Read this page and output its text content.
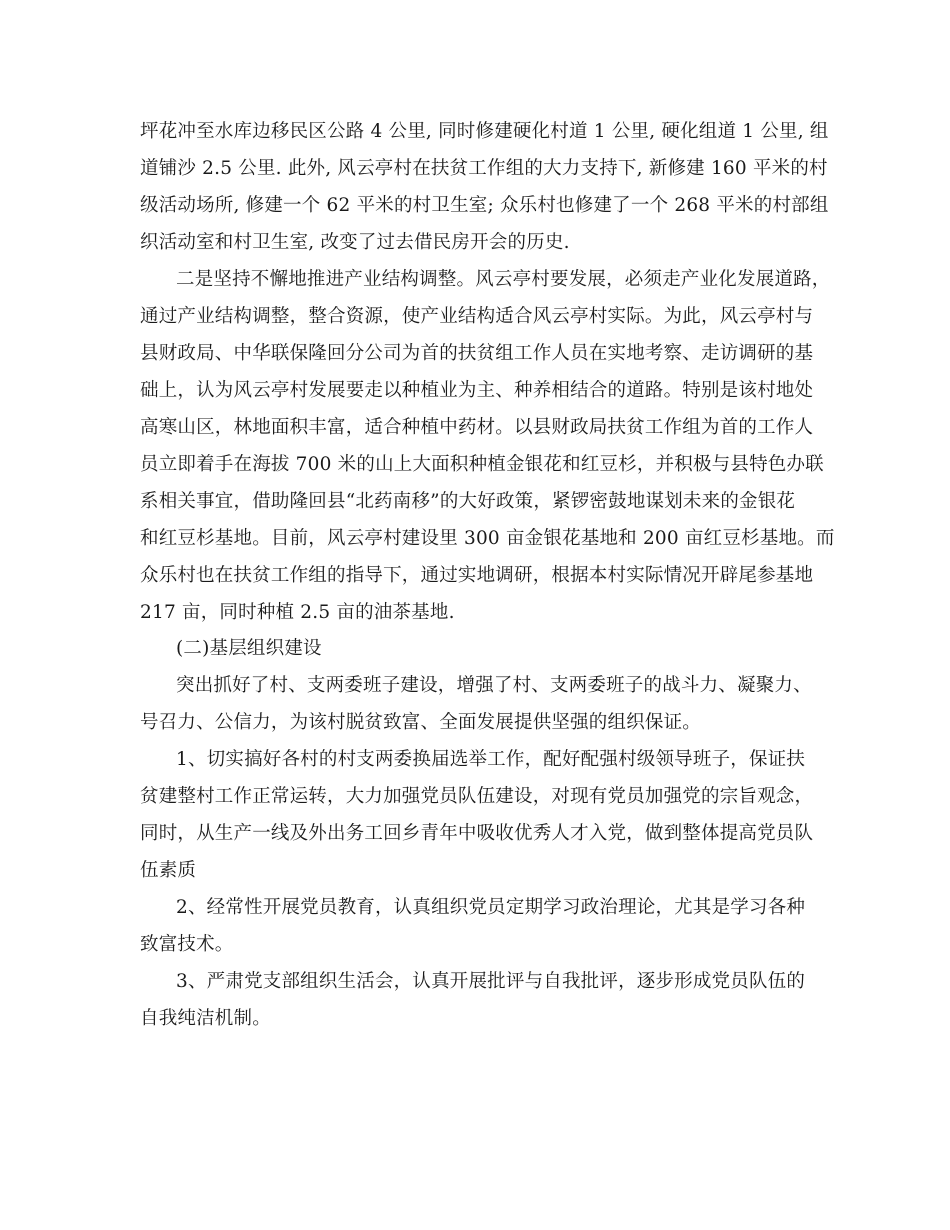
坪花冲至水库边移民区公路 4 公里, 同时修建硬化村道 1 公里, 硬化组道 1 公里, 组
道铺沙 2.5 公里. 此外, 风云亭村在扶贫工作组的大力支持下, 新修建 160 平米的村
级活动场所, 修建一个 62 平米的村卫生室; 众乐村也修建了一个 268 平米的村部组
织活动室和村卫生室, 改变了过去借民房开会的历史.
二是坚持不懈地推进产业结构调整。风云亭村要发展，必须走产业化发展道路，
通过产业结构调整，整合资源，使产业结构适合风云亭村实际。为此，风云亭村与
县财政局、中华联保隆回分公司为首的扶贫组工作人员在实地考察、走访调研的基
础上，认为风云亭村发展要走以种植业为主、种养相结合的道路。特别是该村地处
高寒山区，林地面积丰富，适合种植中药材。以县财政局扶贫工作组为首的工作人
员立即着手在海拔 700 米的山上大面积种植金银花和红豆杉，并积极与县特色办联
系相关事宜，借助隆回县“北药南移”的大好政策，紧锣密鼓地谋划未来的金银花
和红豆杉基地。目前，风云亭村建设里 300 亩金银花基地和 200 亩红豆杉基地。而
众乐村也在扶贫工作组的指导下，通过实地调研，根据本村实际情况开辟尾参基地
217 亩，同时种植 2.5 亩的油茶基地.
(二)基层组织建设
突出抓好了村、支两委班子建设，增强了村、支两委班子的战斗力、凝聚力、
号召力、公信力，为该村脱贫致富、全面发展提供坚强的组织保证。
1、切实搞好各村的村支两委换届选举工作，配好配强村级领导班子，保证扶
贫建整村工作正常运转，大力加强党员队伍建设，对现有党员加强党的宗旨观念，
同时，从生产一线及外出务工回乡青年中吸收优秀人才入党，做到整体提高党员队
伍素质
2、经常性开展党员教育，认真组织党员定期学习政治理论，尤其是学习各种
致富技术。
3、严肃党支部组织生活会，认真开展批评与自我批评，逐步形成党员队伍的
自我纯洁机制。
